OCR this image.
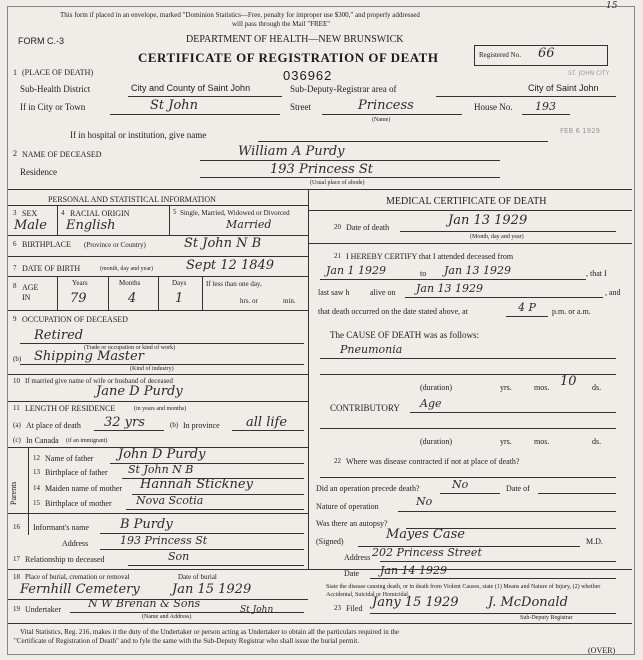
15
This form if placed in an envelope, marked "Dominion Statistics—Free, penalty for improper use $300," and properly addressed
will pass through the Mail "FREE"
FORM C.-3	DEPARTMENT OF HEALTH—NEW BRUNSWICK
CERTIFICATE OF REGISTRATION OF DEATH	Registered No. 66
036962	ST. JOHN CITY
1 (PLACE OF DEATH)
Sub-Health District	City and County of Saint John	Sub-Deputy-Registrar area of	City of Saint John
If in City or Town	St John	Street	Princess
(Name)
House No. 193
FEB 6 1929
If in hospital or institution, give name
2 NAME OF DECEASED	William A Purdy
Residence	193 Princess St
(Usual place of abode)
PERSONAL AND STATISTICAL INFORMATION
3 SEX
Male
4 RACIAL ORIGIN
English
5 Single, Married, Widowed or Divorced
Married
6 BIRTHPLACE (Province or Country)	St John N B
7 DATE OF BIRTH	(month, day and year)	Sept 12 1849
8 AGE IN
Years
79
Months
4
Days
1
If less than one day,
hrs. or	min.
9 OCCUPATION OF DECEASED
Retired
(Trade or occupation or kind of work)
(b) Shipping Master
(Kind of industry)
10 If married give name of wife or husband of deceased
Jane D Purdy
11 LENGTH OF RESIDENCE	(in years and months)
(a) At place of death 32 yrs	(b) In province all life
(c) In Canada (if an immigrant)
Parents
12 Name of father John D Purdy
13 Birthplace of father St John N B
14 Maiden name of mother Hannah Stickney
15 Birthplace of mother Nova Scotia
16 Informant's name B Purdy
Address	193 Princess St
17 Relationship to deceased	Son
18 Place of burial, cremation or removal	Date of burial
Fernhill Cemetery Jan 15 1929
19 Undertaker N W Brenan & Sons	St John
(Name and Address)
MEDICAL CERTIFICATE OF DEATH
20 Date of death	Jan 13 1929
(Month, day and year)
21 I HEREBY CERTIFY that I attended deceased from
Jan 1 1929	to Jan 13 1929	, that I
last saw h	alive on Jan 13 1929	, and
that death occurred on the date stated above, at	4 P p.m. or a.m.
The CAUSE OF DEATH was as follows:
Pneumonia
(duration)	yrs.	mos. 10 ds.
CONTRIBUTORY Age
(duration)	yrs.	mos.	ds.
22 Where was disease contracted if not at place of death?
Did an operation precede death?	No	Date of
Nature of operation
Was there an autopsy?
No
(Signed)	Mayes Case	M.D.
Address 202 Princess Street
Date Jan 14 1929
State the disease causing death, or in death from Violent Causes, state (1) Means and Nature of Injury, (2) whether Accidental, Suicidal or Homicidal.
23 Filed Jany 15 1929 J. McDonald
Sub-Deputy Registrar
Vital Statistics, Reg. 216, makes it the duty of the Undertaker or person acting as Undertaker to obtain all the particulars required in the
"Certificate of Registration of Death" and to fyle the same with the Sub-Deputy Registrar who shall issue the burial permit.
(OVER)
